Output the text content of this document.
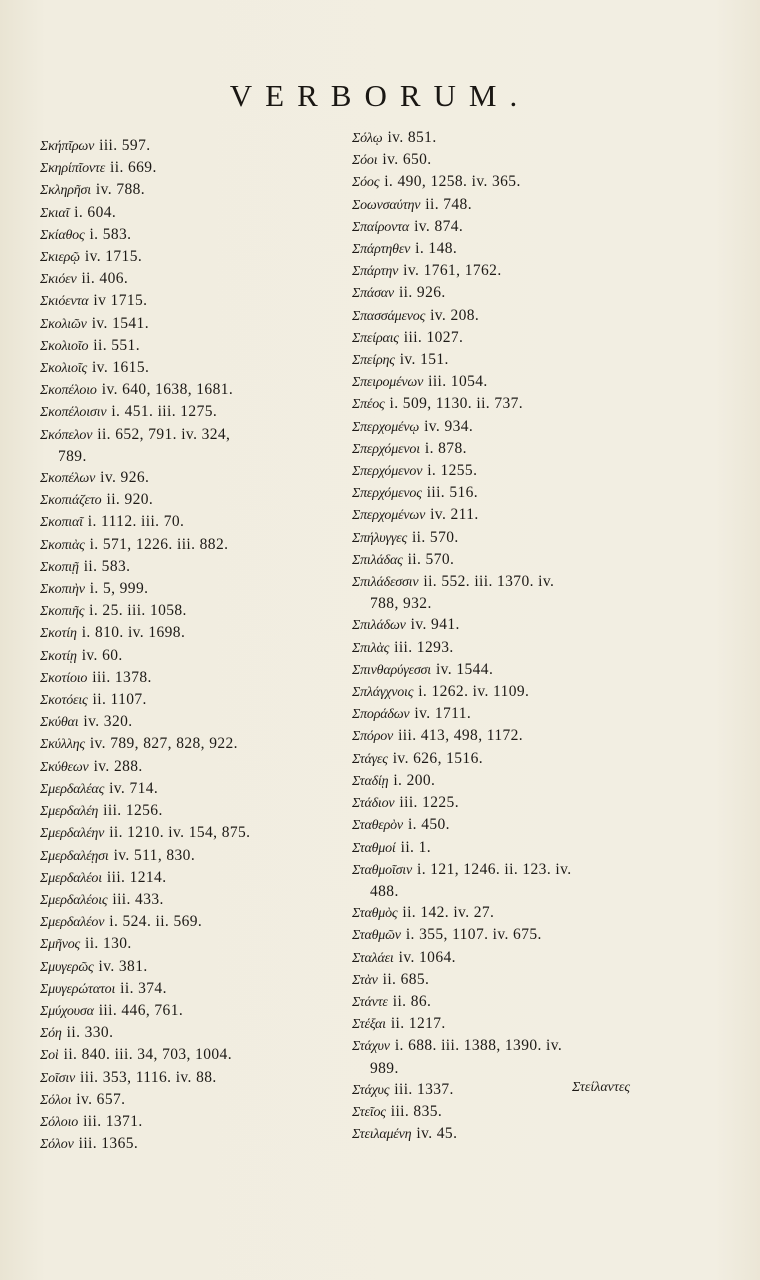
VERBORUM.
Σκήπῖρων iii. 597.
Σκηρίπῖοντε ii. 669.
Σκληρῆσι iv. 788.
Σκιαῖ i. 604.
Σκίαθος i. 583.
Σκιερῷ iv. 1715.
Σκιόεν ii. 406.
Σκιόεντα iv 1715.
Σκολιῶν iv. 1541.
Σκολιοῖο ii. 551.
Σκολιοῖς iv. 1615.
Σκοπέλοιο iv. 640, 1638, 1681.
Σκοπέλοισιν i. 451. iii. 1275.
Σκόπελον ii. 652, 791. iv. 324,
789.
Σκοπέλων iv. 926.
Σκοπιάζετο ii. 920.
Σκοπιαῖ i. 1112. iii. 70.
Σκοπιὰς i. 571, 1226. iii. 882.
Σκοπιῇ ii. 583.
Σκοπιὴν i. 5, 999.
Σκοπιῆς i. 25. iii. 1058.
Σκοτίη i. 810. iv. 1698.
Σκοτίῃ iv. 60.
Σκοτίοιο iii. 1378.
Σκοτόεις ii. 1107.
Σκύθαι iv. 320.
Σκύλλης iv. 789, 827, 828, 922.
Σκύθεων iv. 288.
Σμερδαλέας iv. 714.
Σμερδαλέη iii. 1256.
Σμερδαλέην ii. 1210. iv. 154, 875.
Σμερδαλέῃσι iv. 511, 830.
Σμερδαλέοι iii. 1214.
Σμερδαλέοις iii. 433.
Σμερδαλέον i. 524. ii. 569.
Σμῆνος ii. 130.
Σμυγερῶς iv. 381.
Σμυγερώτατοι ii. 374.
Σμύχουσα iii. 446, 761.
Σόη ii. 330.
Σοὶ ii. 840. iii. 34, 703, 1004.
Σοῖσιν iii. 353, 1116. iv. 88.
Σόλοι iv. 657.
Σόλοιο iii. 1371.
Σόλον iii. 1365.
Σόλῳ iv. 851.
Σόοι iv. 650.
Σόος i. 490, 1258. iv. 365.
Σοωνσαύτην ii. 748.
Σπαίροντα iv. 874.
Σπάρτηθεν i. 148.
Σπάρτην iv. 1761, 1762.
Σπάσαν ii. 926.
Σπασσάμενος iv. 208.
Σπείραις iii. 1027.
Σπείρης iv. 151.
Σπειρομένων iii. 1054.
Σπέος i. 509, 1130. ii. 737.
Σπερχομένῳ iv. 934.
Σπερχόμενοι i. 878.
Σπερχόμενον i. 1255.
Σπερχόμενος iii. 516.
Σπερχομένων iv. 211.
Σπήλυγγες ii. 570.
Σπιλάδας ii. 570.
Σπιλάδεσσιν ii. 552. iii. 1370. iv.
788, 932.
Σπιλάδων iv. 941.
Σπιλὰς iii. 1293.
Σπινθαρύγεσσι iv. 1544.
Σπλάγχνοις i. 1262. iv. 1109.
Σποράδων iv. 1711.
Σπόρον iii. 413, 498, 1172.
Στάγες iv. 626, 1516.
Σταδίῃ i. 200.
Στάδιον iii. 1225.
Σταθερὸν i. 450.
Σταθμοί ii. 1.
Σταθμοῖσιν i. 121, 1246. ii. 123. iv.
488.
Σταθμὸς ii. 142. iv. 27.
Σταθμῶν i. 355, 1107. iv. 675.
Σταλάει iv. 1064.
Στὰν ii. 685.
Στάντε ii. 86.
Στέξαι ii. 1217.
Στάχυν i. 688. iii. 1388, 1390. iv.
989.
Στάχυς iii. 1337.
Στεῖος iii. 835.
Στειλαμένη iv. 45.
Στείλαντες
